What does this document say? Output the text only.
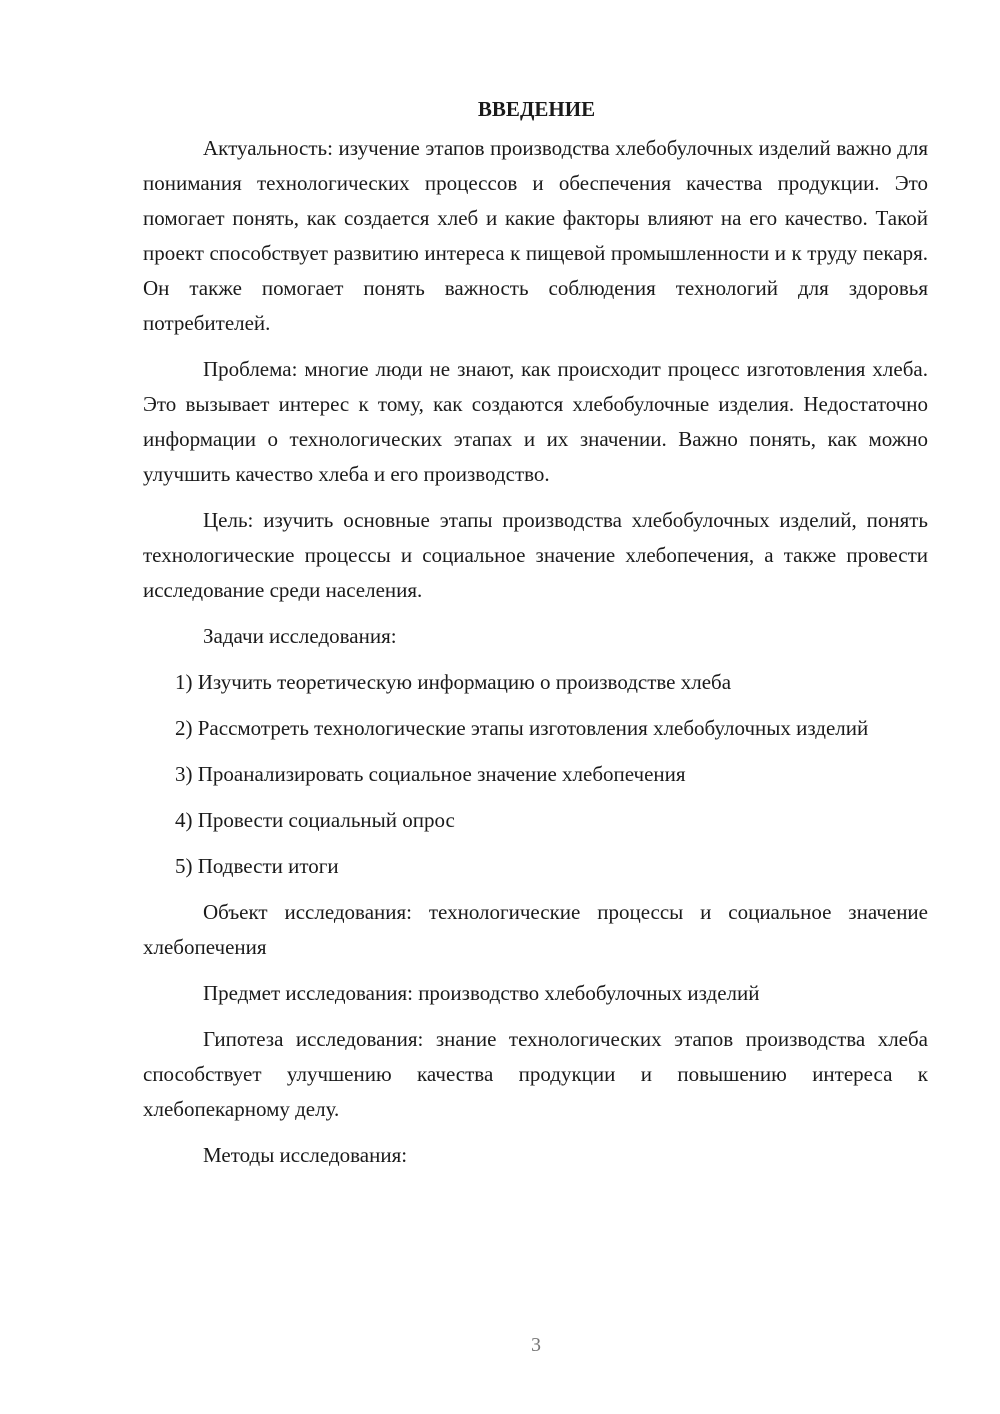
ВВЕДЕНИЕ

Актуальность: изучение этапов производства хлебобулочных изделий важно для понимания технологических процессов и обеспечения качества продукции. Это помогает понять, как создается хлеб и какие факторы влияют на его качество. Такой проект способствует развитию интереса к пищевой промышленности и к труду пекаря. Он также помогает понять важность соблюдения технологий для здоровья потребителей.

Проблема: многие люди не знают, как происходит процесс изготовления хлеба. Это вызывает интерес к тому, как создаются хлебобулочные изделия. Недостаточно информации о технологических этапах и их значении. Важно понять, как можно улучшить качество хлеба и его производство.

Цель: изучить основные этапы производства хлебобулочных изделий, понять технологические процессы и социальное значение хлебопечения, а также провести исследование среди населения.

Задачи исследования:

1) Изучить теоретическую информацию о производстве хлеба

2) Рассмотреть технологические этапы изготовления хлебобулочных изделий

3) Проанализировать социальное значение хлебопечения

4) Провести социальный опрос

5) Подвести итоги

Объект исследования: технологические процессы и социальное значение хлебопечения

Предмет исследования: производство хлебобулочных изделий

Гипотеза исследования: знание технологических этапов производства хлеба способствует улучшению качества продукции и повышению интереса к хлебопекарному делу.

Методы исследования:

3
